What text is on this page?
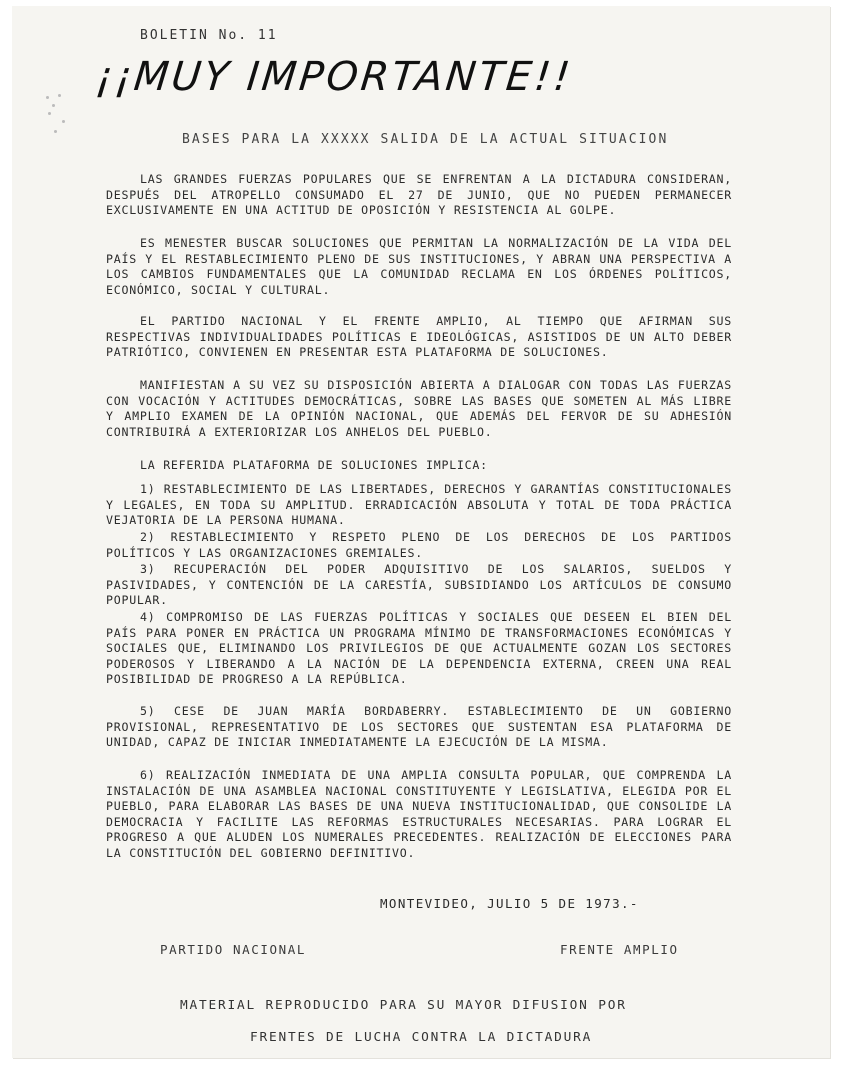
BOLETIN No. 11
¡¡MUY IMPORTANTE!!
BASES PARA LA XXXXX SALIDA DE LA ACTUAL SITUACION
LAS GRANDES FUERZAS POPULARES QUE SE ENFRENTAN A LA DICTADURA CONSIDERAN, DESPUÉS DEL ATROPELLO CONSUMADO EL 27 DE JUNIO, QUE NO PUEDEN PERMANECER EXCLUSIVAMENTE EN UNA ACTITUD DE OPOSICIÓN Y RESISTENCIA AL GOLPE.
ES MENESTER BUSCAR SOLUCIONES QUE PERMITAN LA NORMALIZACIÓN DE LA VIDA DEL PAÍS Y EL RESTABLECIMIENTO PLENO DE SUS INSTITUCIONES, Y ABRAN UNA PERSPECTIVA A LOS CAMBIOS FUNDAMENTALES QUE LA COMUNIDAD RECLAMA EN LOS ÓRDENES POLÍTICOS, ECONÓMICO, SOCIAL Y CULTURAL.
EL PARTIDO NACIONAL Y EL FRENTE AMPLIO, AL TIEMPO QUE AFIRMAN SUS RESPECTIVAS INDIVIDUALIDADES POLÍTICAS E IDEOLÓGICAS, ASISTIDOS DE UN ALTO DEBER PATRIÓTICO, CONVIENEN EN PRESENTAR ESTA PLATAFORMA DE SOLUCIONES.
MANIFIESTAN A SU VEZ SU DISPOSICIÓN ABIERTA A DIALOGAR CON TODAS LAS FUERZAS CON VOCACIÓN Y ACTITUDES DEMOCRÁTICAS, SOBRE LAS BASES QUE SOMETEN AL MÁS LIBRE Y AMPLIO EXAMEN DE LA OPINIÓN NACIONAL, QUE ADEMÁS DEL FERVOR DE SU ADHESIÓN CONTRIBUIRÁ A EXTERIORIZAR LOS ANHELOS DEL PUEBLO.
LA REFERIDA PLATAFORMA DE SOLUCIONES IMPLICA:
1) RESTABLECIMIENTO DE LAS LIBERTADES, DERECHOS Y GARANTÍAS CONSTITUCIONALES Y LEGALES, EN TODA SU AMPLITUD. ERRADICACIÓN ABSOLUTA Y TOTAL DE TODA PRÁCTICA VEJATORIA DE LA PERSONA HUMANA.
2) RESTABLECIMIENTO Y RESPETO PLENO DE LOS DERECHOS DE LOS PARTIDOS POLÍTICOS Y LAS ORGANIZACIONES GREMIALES.
3) RECUPERACIÓN DEL PODER ADQUISITIVO DE LOS SALARIOS, SUELDOS Y PASIVIDADES, Y CONTENCIÓN DE LA CARESTÍA, SUBSIDIANDO LOS ARTÍCULOS DE CONSUMO POPULAR.
4) COMPROMISO DE LAS FUERZAS POLÍTICAS Y SOCIALES QUE DESEEN EL BIEN DEL PAÍS PARA PONER EN PRÁCTICA UN PROGRAMA MÍNIMO DE TRANSFORMACIONES ECONÓMICAS Y SOCIALES QUE, ELIMINANDO LOS PRIVILEGIOS DE QUE ACTUALMENTE GOZAN LOS SECTORES PODEROSOS Y LIBERANDO A LA NACIÓN DE LA DEPENDENCIA EXTERNA, CREEN UNA REAL POSIBILIDAD DE PROGRESO A LA REPÚBLICA.
5) CESE DE JUAN MARÍA BORDABERRY. ESTABLECIMIENTO DE UN GOBIERNO PROVISIONAL, REPRESENTATIVO DE LOS SECTORES QUE SUSTENTAN ESA PLATAFORMA DE UNIDAD, CAPAZ DE INICIAR INMEDIATAMENTE LA EJECUCIÓN DE LA MISMA.
6) REALIZACIÓN INMEDIATA DE UNA AMPLIA CONSULTA POPULAR, QUE COMPRENDA LA INSTALACIÓN DE UNA ASAMBLEA NACIONAL CONSTITUYENTE Y LEGISLATIVA, ELEGIDA POR EL PUEBLO, PARA ELABORAR LAS BASES DE UNA NUEVA INSTITUCIONALIDAD, QUE CONSOLIDE LA DEMOCRACIA Y FACILITE LAS REFORMAS ESTRUCTURALES NECESARIAS. PARA LOGRAR EL PROGRESO A QUE ALUDEN LOS NUMERALES PRECEDENTES. REALIZACIÓN DE ELECCIONES PARA LA CONSTITUCIÓN DEL GOBIERNO DEFINITIVO.
MONTEVIDEO, JULIO 5 DE 1973.-
PARTIDO NACIONAL	FRENTE AMPLIO
MATERIAL REPRODUCIDO PARA SU MAYOR DIFUSION POR
FRENTES DE LUCHA CONTRA LA DICTADURA
